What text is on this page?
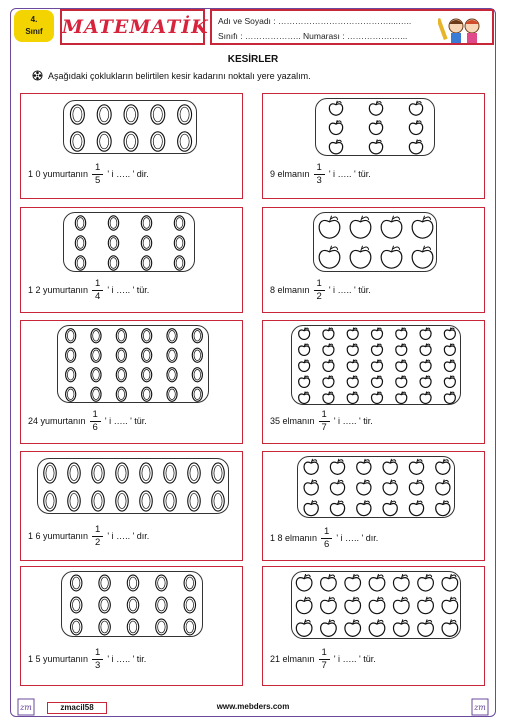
4.
Sınıf	MATEMATİK Adı ve Soyadı : …………………………………....…..
Sınıfı : ……………….. Numarası : …………….…...
KESİRLER
Aşağıdaki çoklukların belirtilen kesir kadarını noktalı yere yazalım.
1 0 yumurtanın $\frac{1}{5}$ ' i ….. ' dir.	9 elmanın $\frac{1}{3}$ ' i ….. ' tür.
1 2 yumurtanın $\frac{1}{4}$ ' i ….. ' tür.	8 elmanın $\frac{1}{2}$ ' i ….. ' tür.
24 yumurtanın $\frac{1}{6}$ ' i ….. ' tür.	35 elmanın $\frac{1}{7}$ ' i ….. ' tir.
1 6 yumurtanın $\frac{1}{2}$ ' i ….. ' dır.	1 8 elmanın $\frac{1}{6}$ ' i ….. ' dır.
1 5 yumurtanın $\frac{1}{3}$ ' i ….. ' tir.	21 elmanın $\frac{1}{7}$ ' i ….. ' tür.
zm	zmacil58	www.mebders.com	zm
